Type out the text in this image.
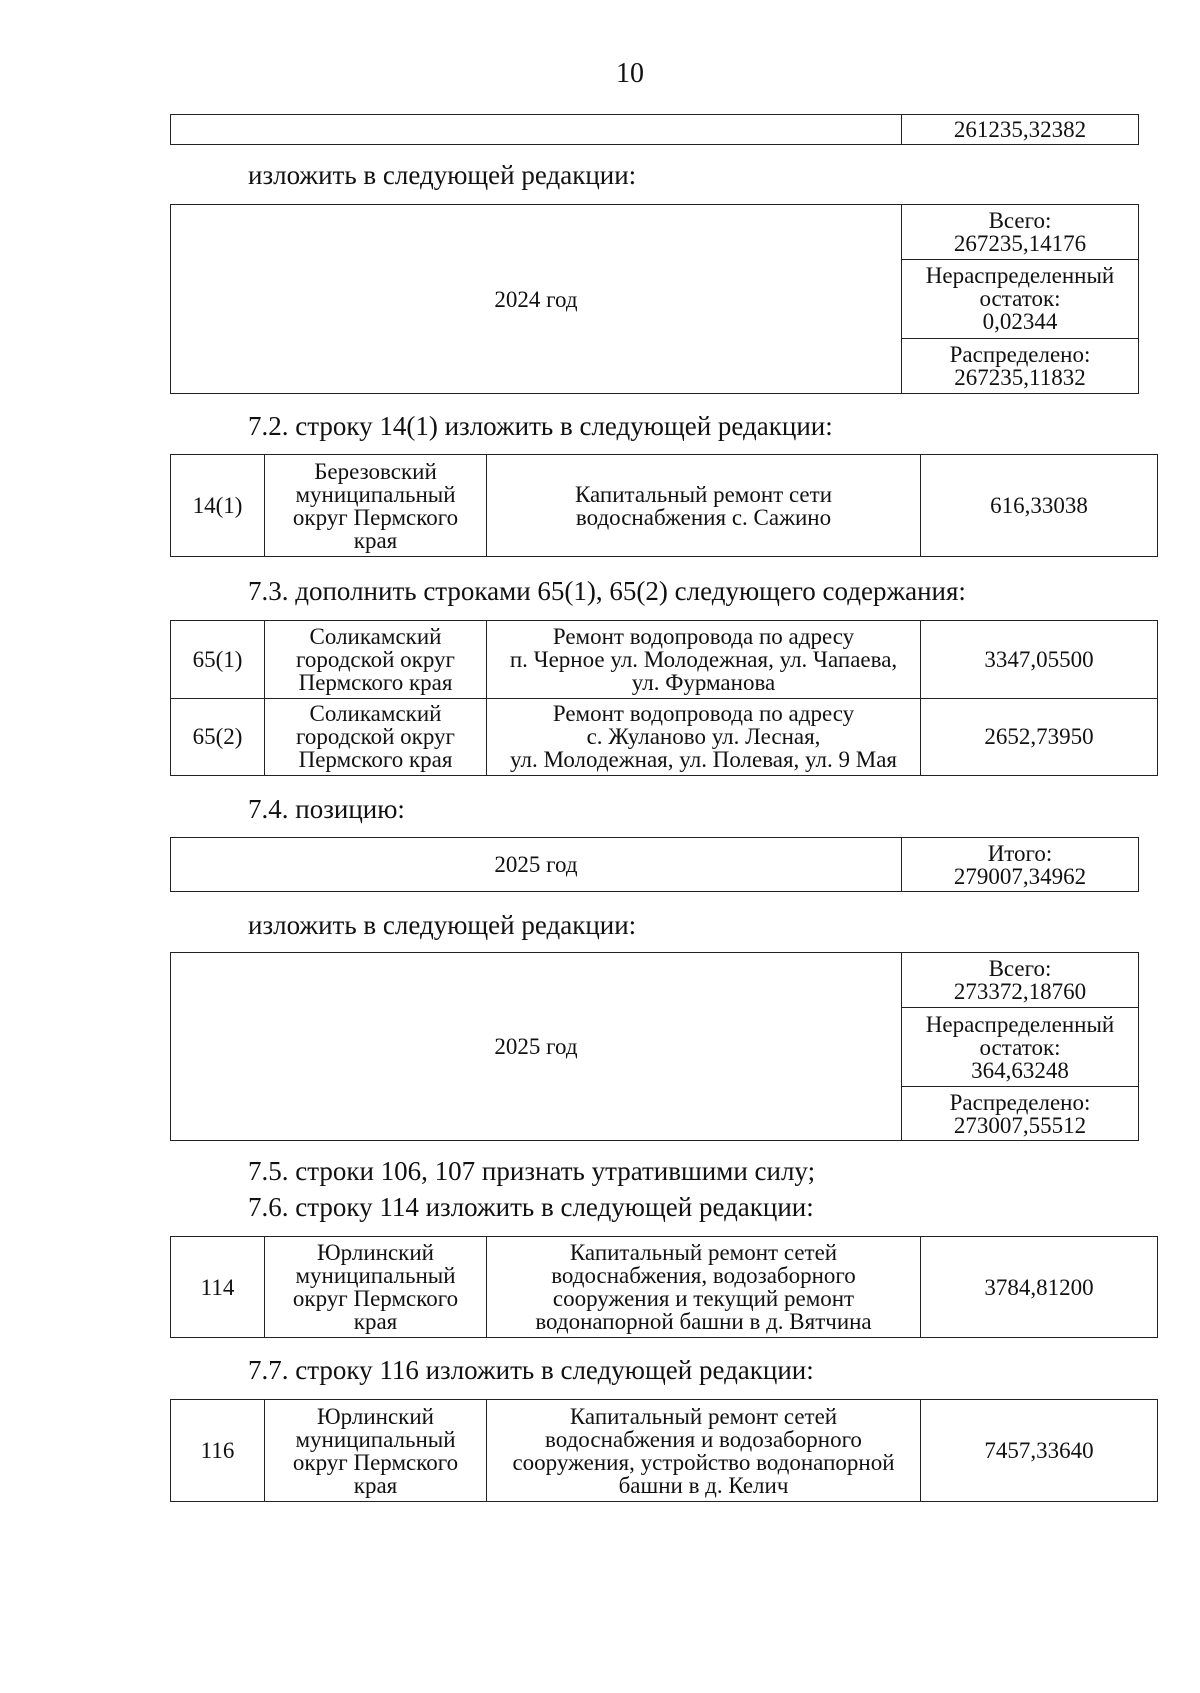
10
	261235,32382
изложить в следующей редакции:
2024 год	Всего:
267235,14176
Нераспределенный
остаток:
0,02344
Распределено:
267235,11832
7.2. строку 14(1) изложить в следующей редакции:
14(1)	Березовский
муниципальный
округ Пермского
края	Капитальный ремонт сети
водоснабжения с. Сажино	616,33038
7.3. дополнить строками 65(1), 65(2) следующего содержания:
65(1)	Соликамский
городской округ
Пермского края	Ремонт водопровода по адресу
п. Черное ул. Молодежная, ул. Чапаева,
ул. Фурманова	3347,05500
65(2)	Соликамский
городской округ
Пермского края	Ремонт водопровода по адресу
с. Жуланово ул. Лесная,
ул. Молодежная, ул. Полевая, ул. 9 Мая	2652,73950
7.4. позицию:
2025 год	Итого:
279007,34962
изложить в следующей редакции:
2025 год	Всего:
273372,18760
Нераспределенный
остаток:
364,63248
Распределено:
273007,55512
7.5. строки 106, 107 признать утратившими силу;
7.6. строку 114 изложить в следующей редакции:
114	Юрлинский
муниципальный
округ Пермского
края	Капитальный ремонт сетей
водоснабжения, водозаборного
сооружения и текущий ремонт
водонапорной башни в д. Вятчина	3784,81200
7.7. строку 116 изложить в следующей редакции:
116	Юрлинский
муниципальный
округ Пермского
края	Капитальный ремонт сетей
водоснабжения и водозаборного
сооружения, устройство водонапорной
башни в д. Келич	7457,33640
